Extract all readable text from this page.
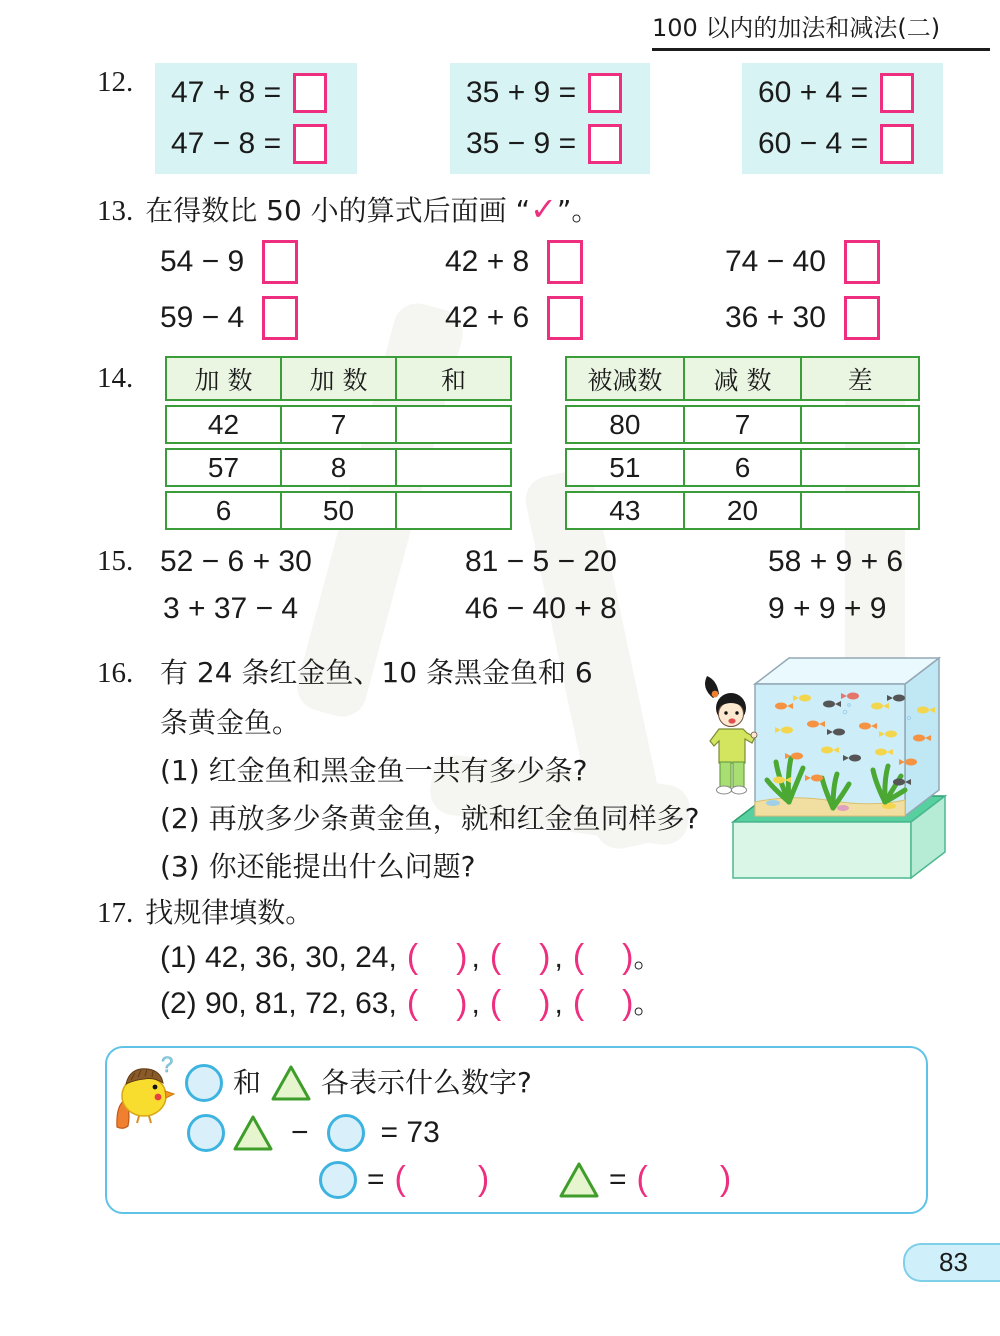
100 以内的加法和减法(二)
12. 47 + 8 =
47 − 8 =
35 + 9 =
35 − 9 =
60 + 4 =
60 − 4 =
13. 在得数比 50 小的算式后面画 “✓”。
54 − 9	42 + 8	74 − 40
59 − 4	42 + 6	36 + 30
14.	加 数	加 数	和
42	7
57	8
6	50
被减数	减 数	差
80	7
51	6
43	20
15. 52 − 6 + 30	81 − 5 − 20	58 + 9 + 6
3 + 37 − 4	46 − 40 + 8	9 + 9 + 9
16. 有 24 条红金鱼、10 条黑金鱼和 6
条黄金鱼。
(1) 红金鱼和黑金鱼一共有多少条?
(2) 再放多少条黄金鱼，就和红金鱼同样多?
(3) 你还能提出什么问题?
17. 找规律填数。
(1) 42, 36, 30, 24, ( ) , ( ) , ( ) 。
(2) 90, 81, 72, 63, ( ) , ( ) , ( ) 。
?
和 各表示什么数字?
− = 73
= ( )	= ( )
83
